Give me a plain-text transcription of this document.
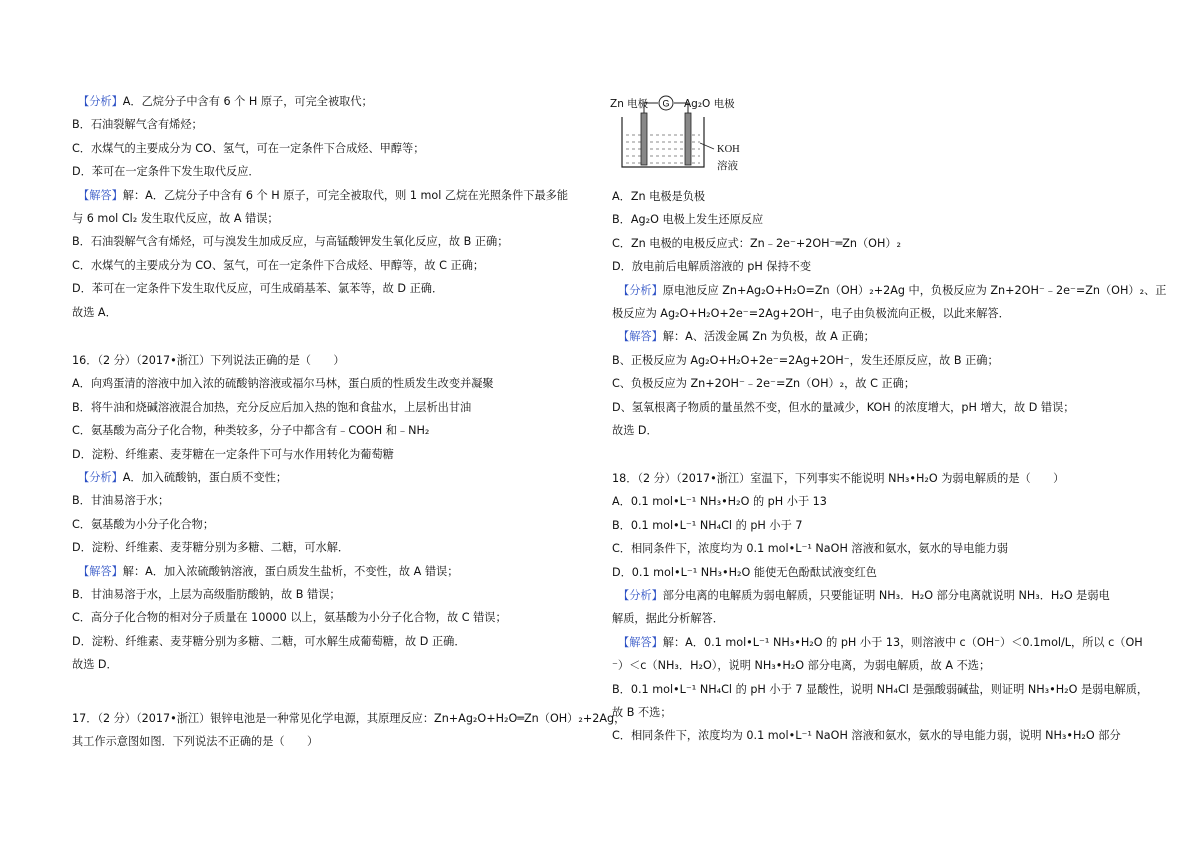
【分析】A．乙烷分子中含有 6 个 H 原子，可完全被取代；
B．石油裂解气含有烯烃；
C．水煤气的主要成分为 CO、氢气，可在一定条件下合成烃、甲醇等；
D．苯可在一定条件下发生取代反应．
【解答】解：A．乙烷分子中含有 6 个 H 原子，可完全被取代，则 1 mol 乙烷在光照条件下最多能
与 6 mol Cl₂ 发生取代反应，故 A 错误；
B．石油裂解气含有烯烃，可与溴发生加成反应，与高锰酸钾发生氧化反应，故 B 正确；
C．水煤气的主要成分为 CO、氢气，可在一定条件下合成烃、甲醇等，故 C 正确；
D．苯可在一定条件下发生取代反应，可生成硝基苯、氯苯等，故 D 正确．
故选 A．
16．（2 分）（2017•浙江）下列说法正确的是（　　）
A．向鸡蛋清的溶液中加入浓的硫酸钠溶液或福尔马林，蛋白质的性质发生改变并凝聚
B．将牛油和烧碱溶液混合加热，充分反应后加入热的饱和食盐水，上层析出甘油
C．氨基酸为高分子化合物，种类较多，分子中都含有﹣COOH 和﹣NH₂
D．淀粉、纤维素、麦芽糖在一定条件下可与水作用转化为葡萄糖
【分析】A．加入硫酸钠，蛋白质不变性；
B．甘油易溶于水；
C．氨基酸为小分子化合物；
D．淀粉、纤维素、麦芽糖分别为多糖、二糖，可水解．
【解答】解：A．加入浓硫酸钠溶液，蛋白质发生盐析，不变性，故 A 错误；
B．甘油易溶于水，上层为高级脂肪酸钠，故 B 错误；
C．高分子化合物的相对分子质量在 10000 以上，氨基酸为小分子化合物，故 C 错误；
D．淀粉、纤维素、麦芽糖分别为多糖、二糖，可水解生成葡萄糖，故 D 正确．
故选 D．
17．（2 分）（2017•浙江）银锌电池是一种常见化学电源，其原理反应：Zn+Ag₂O+H₂O═Zn（OH）₂+2Ag，
其工作示意图如图．下列说法不正确的是（　　）
G
Zn 电极	Ag₂O 电极
KOH
溶液
A．Zn 电极是负极
B．Ag₂O 电极上发生还原反应
C．Zn 电极的电极反应式：Zn﹣2e⁻+2OH⁻═Zn（OH）₂
D．放电前后电解质溶液的 pH 保持不变
【分析】原电池反应 Zn+Ag₂O+H₂O=Zn（OH）₂+2Ag 中，负极反应为 Zn+2OH⁻﹣2e⁻=Zn（OH）₂、正
极反应为 Ag₂O+H₂O+2e⁻=2Ag+2OH⁻，电子由负极流向正极，以此来解答．
【解答】解：A、活泼金属 Zn 为负极，故 A 正确；
B、正极反应为 Ag₂O+H₂O+2e⁻=2Ag+2OH⁻，发生还原反应，故 B 正确；
C、负极反应为 Zn+2OH⁻﹣2e⁻=Zn（OH）₂，故 C 正确；
D、氢氧根离子物质的量虽然不变，但水的量减少，KOH 的浓度增大，pH 增大，故 D 错误；
故选 D．
18．（2 分）（2017•浙江）室温下，下列事实不能说明 NH₃•H₂O 为弱电解质的是（　　）
A．0.1 mol•L⁻¹ NH₃•H₂O 的 pH 小于 13
B．0.1 mol•L⁻¹ NH₄Cl 的 pH 小于 7
C．相同条件下，浓度均为 0.1 mol•L⁻¹ NaOH 溶液和氨水，氨水的导电能力弱
D．0.1 mol•L⁻¹ NH₃•H₂O 能使无色酚酞试液变红色
【分析】部分电离的电解质为弱电解质，只要能证明 NH₃．H₂O 部分电离就说明 NH₃．H₂O 是弱电
解质，据此分析解答．
【解答】解：A．0.1 mol•L⁻¹ NH₃•H₂O 的 pH 小于 13，则溶液中 c（OH⁻）＜0.1mol/L，所以 c（OH
⁻）＜c（NH₃．H₂O），说明 NH₃•H₂O 部分电离，为弱电解质，故 A 不选；
B．0.1 mol•L⁻¹ NH₄Cl 的 pH 小于 7 显酸性，说明 NH₄Cl 是强酸弱碱盐，则证明 NH₃•H₂O 是弱电解质，
故 B 不选；
C．相同条件下，浓度均为 0.1 mol•L⁻¹ NaOH 溶液和氨水，氨水的导电能力弱，说明 NH₃•H₂O 部分
